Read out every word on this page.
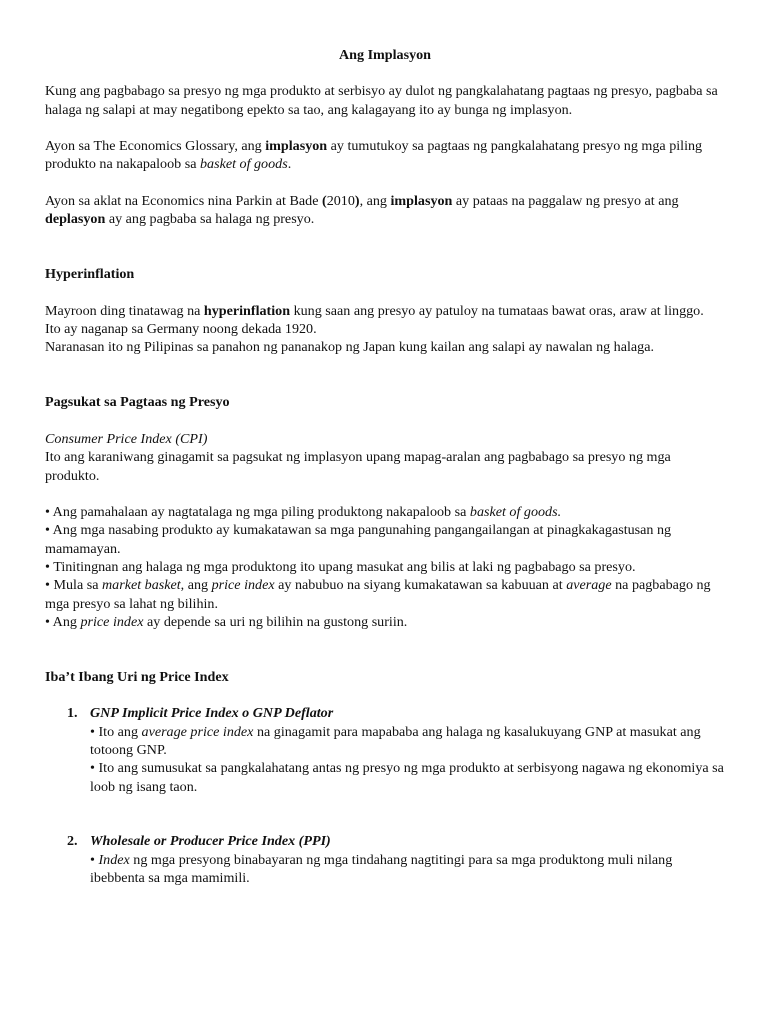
Ang Implasyon

Kung ang pagbabago sa presyo ng mga produkto at serbisyo ay dulot ng pangkalahatang pagtaas ng presyo, pagbaba sa halaga ng salapi at may negatibong epekto sa tao, ang kalagayang ito ay bunga ng implasyon.

Ayon sa The Economics Glossary, ang implasyon ay tumutukoy sa pagtaas ng pangkalahatang presyo ng mga piling produkto na nakapaloob sa basket of goods.

Ayon sa aklat na Economics nina Parkin at Bade (2010), ang implasyon ay pataas na paggalaw ng presyo at ang deplasyon ay ang pagbaba sa halaga ng presyo.

Hyperinflation

Mayroon ding tinatawag na hyperinflation kung saan ang presyo ay patuloy na tumataas bawat oras, araw at linggo.

Ito ay naganap sa Germany noong dekada 1920.

Naranasan ito ng Pilipinas sa panahon ng pananakop ng Japan kung kailan ang salapi ay nawalan ng halaga.

Pagsukat sa Pagtaas ng Presyo

Consumer Price Index (CPI)

Ito ang karaniwang ginagamit sa pagsukat ng implasyon upang mapag-aralan ang pagbabago sa presyo ng mga produkto.

• Ang pamahalaan ay nagtatalaga ng mga piling produktong nakapaloob sa basket of goods.

• Ang mga nasabing produkto ay kumakatawan sa mga pangunahing pangangailangan at pinagkakagastusan ng mamamayan.

• Tinitingnan ang halaga ng mga produktong ito upang masukat ang bilis at laki ng pagbabago sa presyo.

• Mula sa market basket, ang price index ay nabubuo na siyang kumakatawan sa kabuuan at average na pagbabago ng mga presyo sa lahat ng bilihin.

• Ang price index ay depende sa uri ng bilihin na gustong suriin.

Iba’t Ibang Uri ng Price Index

1. GNP Implicit Price Index o GNP Deflator

• Ito ang average price index na ginagamit para mapababa ang halaga ng kasalukuyang GNP at masukat ang totoong GNP.

• Ito ang sumusukat sa pangkalahatang antas ng presyo ng mga produkto at serbisyong nagawa ng ekonomiya sa loob ng isang taon.

2. Wholesale or Producer Price Index (PPI)

• Index ng mga presyong binabayaran ng mga tindahang nagtitingi para sa mga produktong muli nilang ibebbenta sa mga mamimili.
